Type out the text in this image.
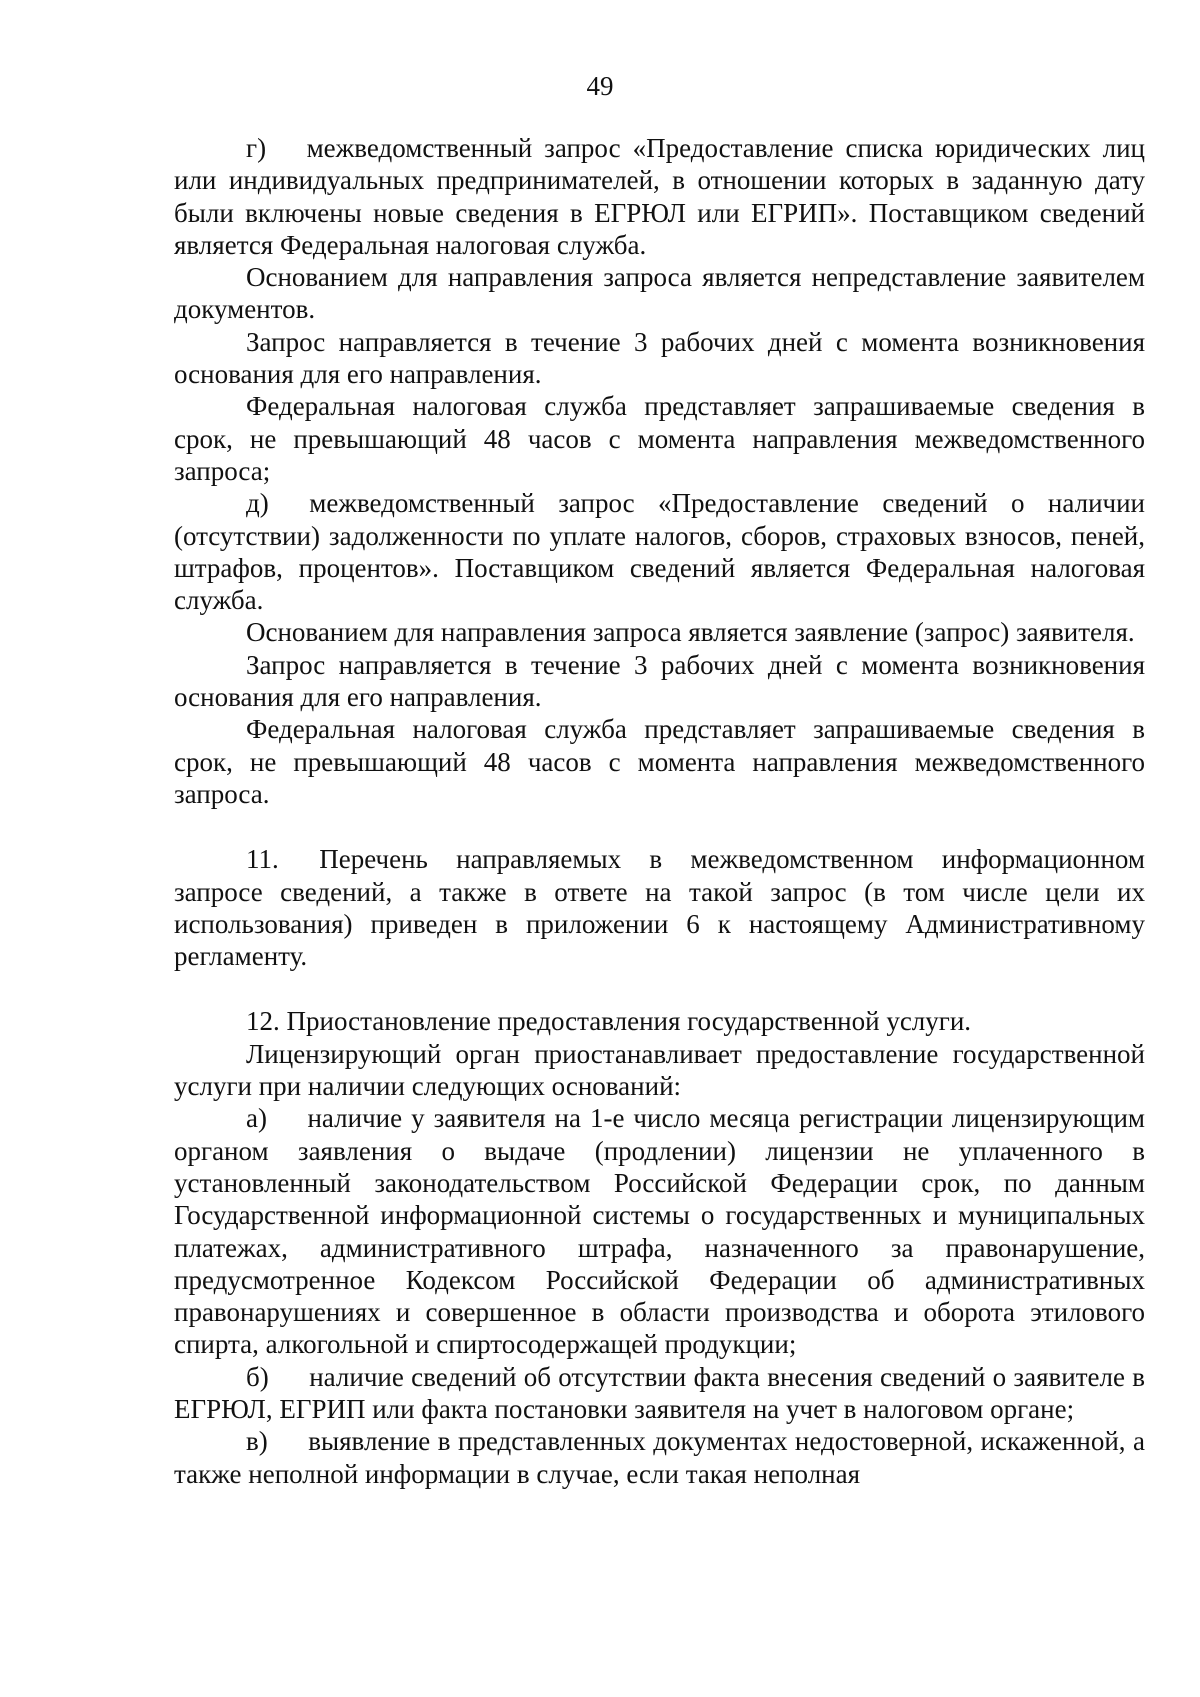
49

г)  межведомственный запрос «Предоставление списка юридических лиц или индивидуальных предпринимателей, в отношении которых в заданную дату были включены новые сведения в ЕГРЮЛ или ЕГРИП». Поставщиком сведений является Федеральная налоговая служба.

Основанием для направления запроса является непредставление заявителем документов.

Запрос направляется в течение 3 рабочих дней с момента возникновения основания для его направления.

Федеральная налоговая служба представляет запрашиваемые сведения в срок, не превышающий 48 часов с момента направления межведомственного запроса;

д)  межведомственный запрос «Предоставление сведений о наличии (отсутствии) задолженности по уплате налогов, сборов, страховых взносов, пеней, штрафов, процентов». Поставщиком сведений является Федеральная налоговая служба.

Основанием для направления запроса является заявление (запрос) заявителя.

Запрос направляется в течение 3 рабочих дней с момента возникновения основания для его направления.

Федеральная налоговая служба представляет запрашиваемые сведения в срок, не превышающий 48 часов с момента направления межведомственного запроса.

11.  Перечень направляемых в межведомственном информационном запросе сведений, а также в ответе на такой запрос (в том числе цели их использования) приведен в приложении 6 к настоящему Административному регламенту.

12. Приостановление предоставления государственной услуги.

Лицензирующий орган приостанавливает предоставление государственной услуги при наличии следующих оснований:

а)  наличие у заявителя на 1-е число месяца регистрации лицензирующим органом заявления о выдаче (продлении) лицензии не уплаченного в установленный законодательством Российской Федерации срок, по данным Государственной информационной системы о государственных и муниципальных платежах, административного штрафа, назначенного за правонарушение, предусмотренное Кодексом Российской Федерации об административных правонарушениях и совершенное в области производства и оборота этилового спирта, алкогольной и спиртосодержащей продукции;

б)  наличие сведений об отсутствии факта внесения сведений о заявителе в ЕГРЮЛ, ЕГРИП или факта постановки заявителя на учет в налоговом органе;

в)  выявление в представленных документах недостоверной, искаженной, а также неполной информации в случае, если такая неполная
